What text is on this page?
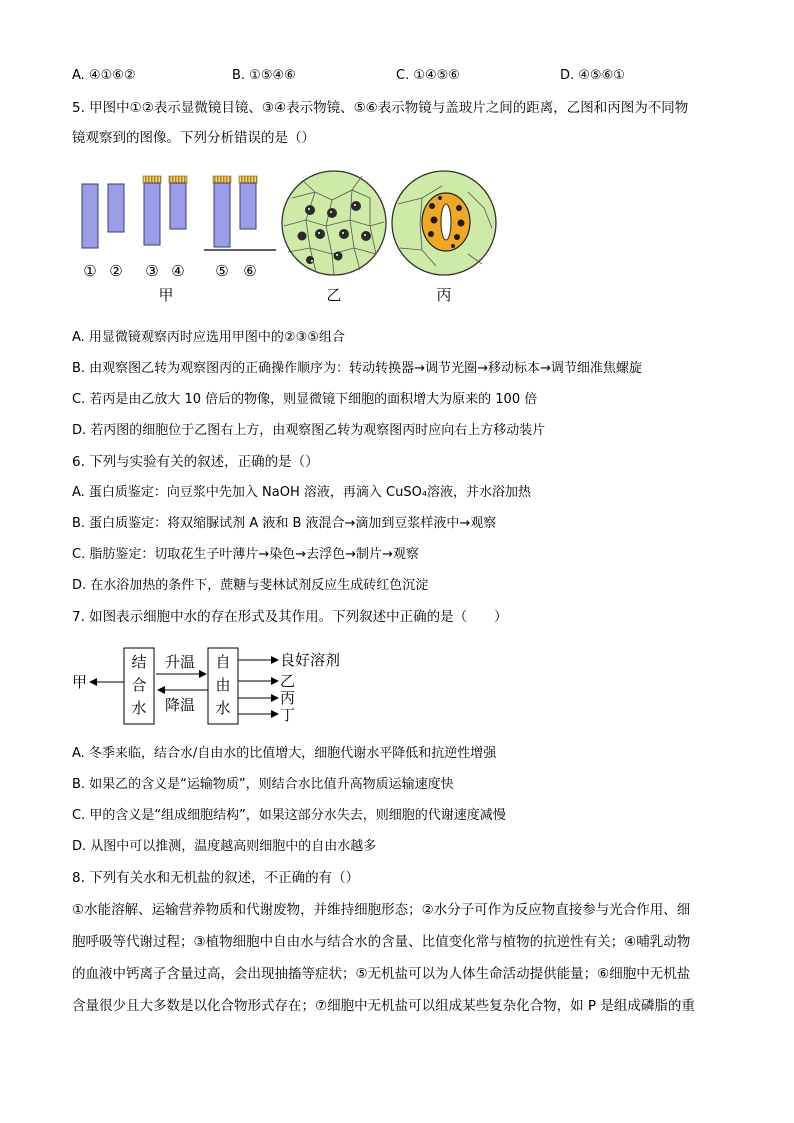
A. ④①⑥②	B. ①⑤④⑥	C. ①④⑤⑥	D. ④⑤⑥①
5. 甲图中①②表示显微镜目镜、③④表示物镜、⑤⑥表示物镜与盖玻片之间的距离，乙图和丙图为不同物
镜观察到的图像。下列分析错误的是（）
① ② ③ ④ ⑤ ⑥
甲	乙	丙
A. 用显微镜观察丙时应选用甲图中的②③⑤组合
B. 由观察图乙转为观察图丙的正确操作顺序为：转动转换器→调节光圈→移动标本→调节细准焦螺旋
C. 若丙是由乙放大 10 倍后的物像，则显微镜下细胞的面积增大为原来的 100 倍
D. 若丙图的细胞位于乙图右上方，由观察图乙转为观察图丙时应向右上方移动装片
6. 下列与实验有关的叙述，正确的是（）
A. 蛋白质鉴定：向豆浆中先加入 NaOH 溶液，再滴入 CuSO₄溶液，并水浴加热
B. 蛋白质鉴定：将双缩脲试剂 A 液和 B 液混合→滴加到豆浆样液中→观察
C. 脂肪鉴定：切取花生子叶薄片→染色→去浮色→制片→观察
D. 在水浴加热的条件下，蔗糖与斐林试剂反应生成砖红色沉淀
7. 如图表示细胞中水的存在形式及其作用。下列叙述中正确的是（　　）
甲
结
合
水
升温
降温
自
由
水
良好溶剂
乙
丙
丁
A. 冬季来临，结合水/自由水的比值增大，细胞代谢水平降低和抗逆性增强
B. 如果乙的含义是“运输物质”，则结合水比值升高物质运输速度快
C. 甲的含义是“组成细胞结构”，如果这部分水失去，则细胞的代谢速度减慢
D. 从图中可以推测，温度越高则细胞中的自由水越多
8. 下列有关水和无机盐的叙述，不正确的有（）
①水能溶解、运输营养物质和代谢废物，并维持细胞形态；②水分子可作为反应物直接参与光合作用、细
胞呼吸等代谢过程；③植物细胞中自由水与结合水的含量、比值变化常与植物的抗逆性有关；④哺乳动物
的血液中钙离子含量过高，会出现抽搐等症状；⑤无机盐可以为人体生命活动提供能量；⑥细胞中无机盐
含量很少且大多数是以化合物形式存在；⑦细胞中无机盐可以组成某些复杂化合物，如 P 是组成磷脂的重
